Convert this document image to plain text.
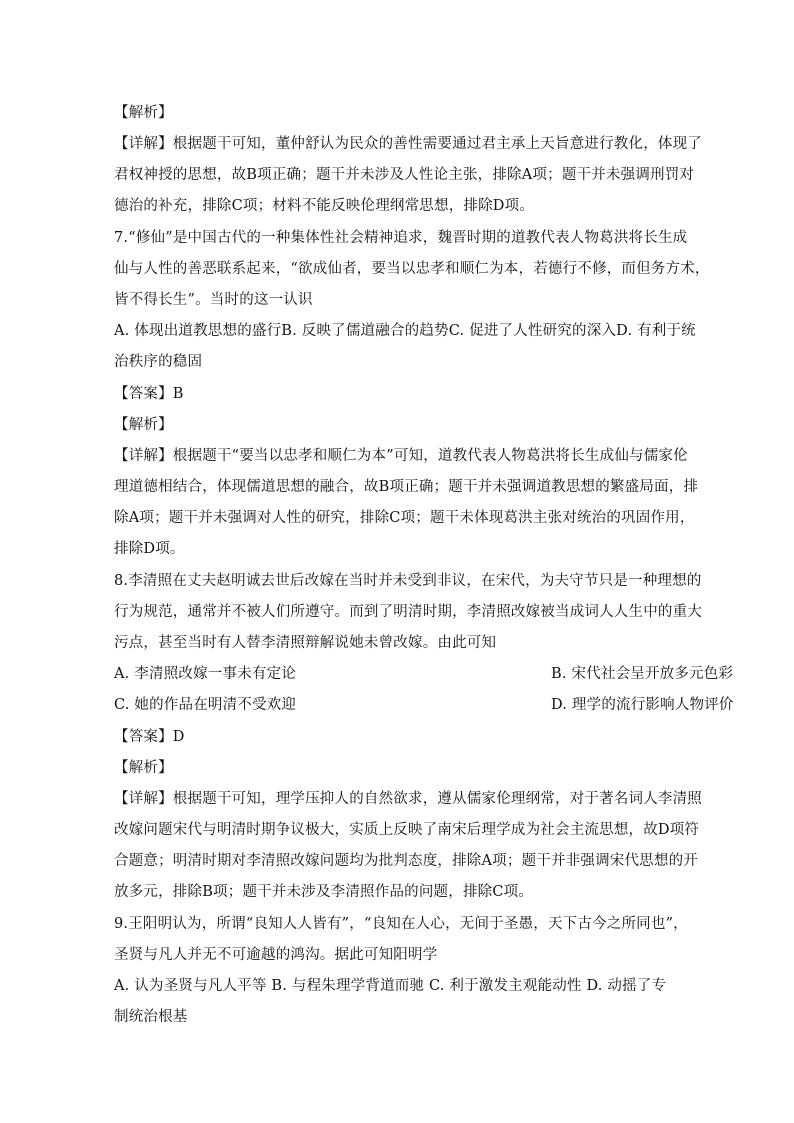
【解析】
【详解】根据题干可知，董仲舒认为民众的善性需要通过君主承上天旨意进行教化，体现了
君权神授的思想，故B项正确；题干并未涉及人性论主张，排除A项；题干并未强调刑罚对
德治的补充，排除C项；材料不能反映伦理纲常思想，排除D项。
7.“修仙”是中国古代的一种集体性社会精神追求，魏晋时期的道教代表人物葛洪将长生成
仙与人性的善恶联系起来，“欲成仙者，要当以忠孝和顺仁为本，若德行不修，而但务方术，
皆不得长生”。当时的这一认识
A. 体现出道教思想的盛行B. 反映了儒道融合的趋势C. 促进了人性研究的深入D. 有利于统
治秩序的稳固
【答案】B
【解析】
【详解】根据题干“要当以忠孝和顺仁为本”可知，道教代表人物葛洪将长生成仙与儒家伦
理道德相结合，体现儒道思想的融合，故B项正确；题干并未强调道教思想的繁盛局面，排
除A项；题干并未强调对人性的研究，排除C项；题干未体现葛洪主张对统治的巩固作用，
排除D项。
8.李清照在丈夫赵明诚去世后改嫁在当时并未受到非议，在宋代，为夫守节只是一种理想的
行为规范，通常并不被人们所遵守。而到了明清时期，李清照改嫁被当成词人人生中的重大
污点，甚至当时有人替李清照辩解说她未曾改嫁。由此可知
A. 李清照改嫁一事未有定论	B. 宋代社会呈开放多元色彩
C. 她的作品在明清不受欢迎	D. 理学的流行影响人物评价
【答案】D
【解析】
【详解】根据题干可知，理学压抑人的自然欲求，遵从儒家伦理纲常，对于著名词人李清照
改嫁问题宋代与明清时期争议极大，实质上反映了南宋后理学成为社会主流思想，故D项符
合题意；明清时期对李清照改嫁问题均为批判态度，排除A项；题干并非强调宋代思想的开
放多元，排除B项；题干并未涉及李清照作品的问题，排除C项。
9.王阳明认为，所谓“良知人人皆有”，“良知在人心，无间于圣愚，天下古今之所同也”，
圣贤与凡人并无不可逾越的鸿沟。据此可知阳明学
A. 认为圣贤与凡人平等 B. 与程朱理学背道而驰 C. 利于激发主观能动性 D. 动摇了专
制统治根基
